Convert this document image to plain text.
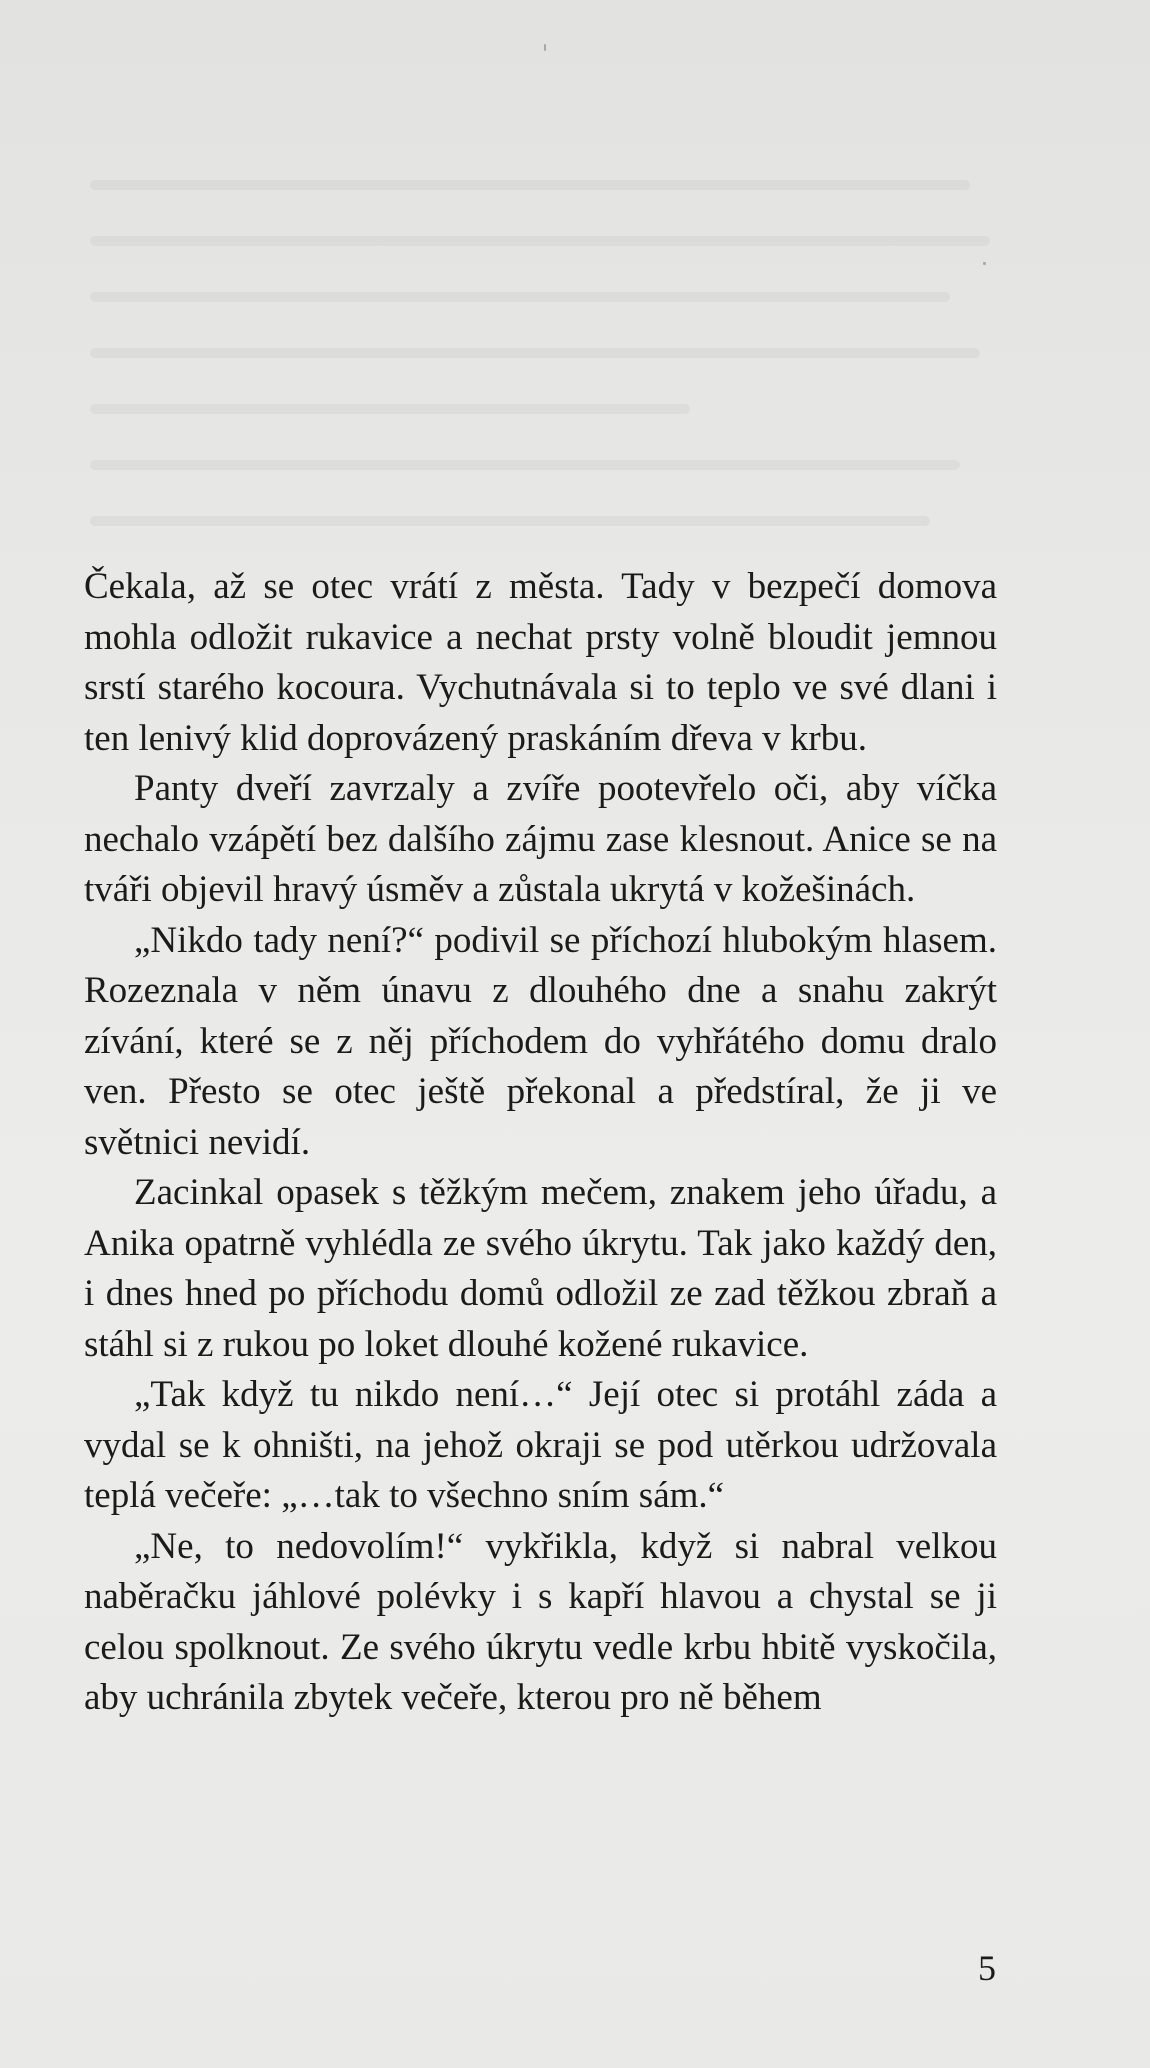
Čekala, až se otec vrátí z města. Tady v bezpečí domova mohla odložit rukavice a nechat prsty volně bloudit jemnou srstí starého kocoura. Vychutnávala si to teplo ve své dlani i ten lenivý klid doprovázený praskáním dřeva v krbu.

Panty dveří zavrzaly a zvíře pootevřelo oči, aby víčka nechalo vzápětí bez dalšího zájmu zase klesnout. Anice se na tváři objevil hravý úsměv a zůstala ukrytá v kožešinách.

„Nikdo tady není?“ podivil se příchozí hlubokým hlasem. Rozeznala v něm únavu z dlouhého dne a snahu zakrýt zívání, které se z něj příchodem do vyhřátého domu dralo ven. Přesto se otec ještě překonal a předstíral, že ji ve světnici nevidí.

Zacinkal opasek s těžkým mečem, znakem jeho úřadu, a Anika opatrně vyhlédla ze svého úkrytu. Tak jako každý den, i dnes hned po příchodu domů odložil ze zad těžkou zbraň a stáhl si z rukou po loket dlouhé kožené rukavice.

„Tak když tu nikdo není…“ Její otec si protáhl záda a vydal se k ohništi, na jehož okraji se pod utěrkou udržovala teplá večeře: „…tak to všechno sním sám.“

„Ne, to nedovolím!“ vykřikla, když si nabral velkou naběračku jáhlové polévky i s kapří hlavou a chystal se ji celou spolknout. Ze svého úkrytu vedle krbu hbitě vyskočila, aby uchránila zbytek večeře, kterou pro ně během

5
